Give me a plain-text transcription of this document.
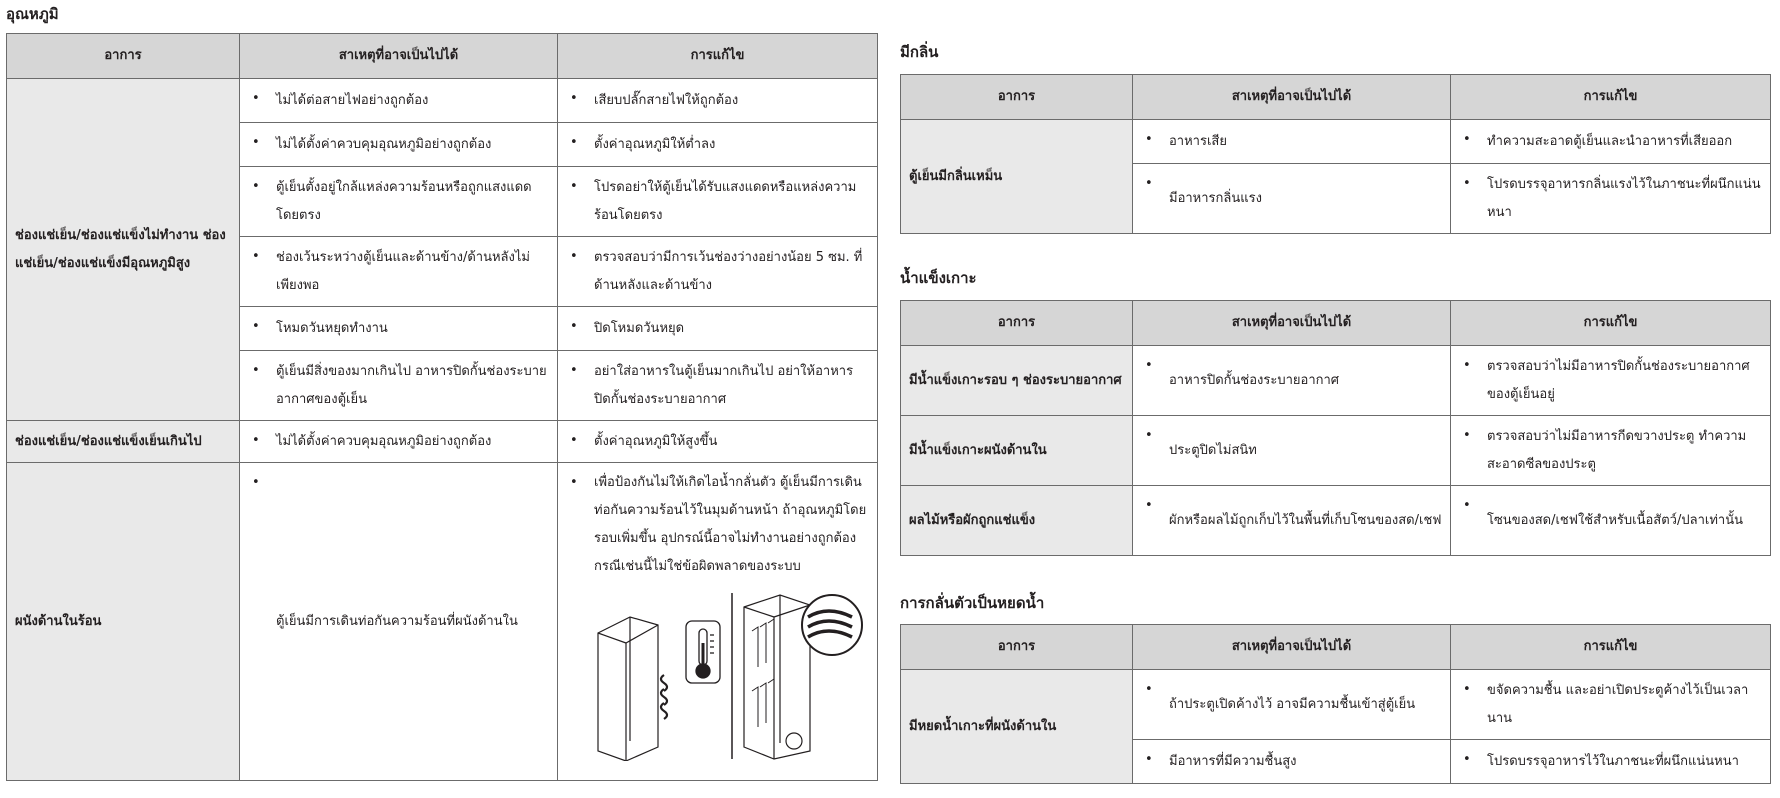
อุณหภูมิ
อาการ	สาเหตุที่อาจเป็นไปได้	การแก้ไข
ช่องแช่เย็น/ช่องแช่แข็งไม่ทำงาน ช่องแช่เย็น/ช่องแช่แข็งมีอุณหภูมิสูง	• ไม่ได้ต่อสายไฟอย่างถูกต้อง	• เสียบปลั๊กสายไฟให้ถูกต้อง
	• ไม่ได้ตั้งค่าควบคุมอุณหภูมิอย่างถูกต้อง	• ตั้งค่าอุณหภูมิให้ต่ำลง
	• ตู้เย็นตั้งอยู่ใกล้แหล่งความร้อนหรือถูกแสงแดดโดยตรง	• โปรดอย่าให้ตู้เย็นได้รับแสงแดดหรือแหล่งความร้อนโดยตรง
	• ช่องเว้นระหว่างตู้เย็นและด้านข้าง/ด้านหลังไม่เพียงพอ	• ตรวจสอบว่ามีการเว้นช่องว่างอย่างน้อย 5 ซม. ที่ด้านหลังและด้านข้าง
	• โหมดวันหยุดทำงาน	• ปิดโหมดวันหยุด
	• ตู้เย็นมีสิ่งของมากเกินไป อาหารปิดกั้นช่องระบายอากาศของตู้เย็น	• อย่าใส่อาหารในตู้เย็นมากเกินไป อย่าให้อาหารปิดกั้นช่องระบายอากาศ
ช่องแช่เย็น/ช่องแช่แข็งเย็นเกินไป	• ไม่ได้ตั้งค่าควบคุมอุณหภูมิอย่างถูกต้อง	• ตั้งค่าอุณหภูมิให้สูงขึ้น
ผนังด้านในร้อน	• ตู้เย็นมีการเดินท่อกันความร้อนที่ผนังด้านใน	• เพื่อป้องกันไม่ให้เกิดไอน้ำกลั่นตัว ตู้เย็นมีการเดินท่อกันความร้อนไว้ในมุมด้านหน้า ถ้าอุณหภูมิโดยรอบเพิ่มขึ้น อุปกรณ์นี้อาจไม่ทำงานอย่างถูกต้อง กรณีเช่นนี้ไม่ใช่ข้อผิดพลาดของระบบ
มีกลิ่น
อาการ	สาเหตุที่อาจเป็นไปได้	การแก้ไข
ตู้เย็นมีกลิ่นเหม็น	• อาหารเสีย	• ทำความสะอาดตู้เย็นและนำอาหารที่เสียออก
	• มีอาหารกลิ่นแรง	• โปรดบรรจุอาหารกลิ่นแรงไว้ในภาชนะที่ผนึกแน่นหนา
น้ำแข็งเกาะ
อาการ	สาเหตุที่อาจเป็นไปได้	การแก้ไข
มีน้ำแข็งเกาะรอบ ๆ ช่องระบายอากาศ	• อาหารปิดกั้นช่องระบายอากาศ	• ตรวจสอบว่าไม่มีอาหารปิดกั้นช่องระบายอากาศของตู้เย็นอยู่
มีน้ำแข็งเกาะผนังด้านใน	• ประตูปิดไม่สนิท	• ตรวจสอบว่าไม่มีอาหารกีดขวางประตู ทำความสะอาดซีลของประตู
ผลไม้หรือผักถูกแช่แข็ง	• ผักหรือผลไม้ถูกเก็บไว้ในพื้นที่เก็บโซนของสด/เชฟ	• โซนของสด/เชฟใช้สำหรับเนื้อสัตว์/ปลาเท่านั้น
การกลั่นตัวเป็นหยดน้ำ
อาการ	สาเหตุที่อาจเป็นไปได้	การแก้ไข
มีหยดน้ำเกาะที่ผนังด้านใน	• ถ้าประตูเปิดค้างไว้ อาจมีความชื้นเข้าสู่ตู้เย็น	• ขจัดความชื้น และอย่าเปิดประตูค้างไว้เป็นเวลานาน
	• มีอาหารที่มีความชื้นสูง	• โปรดบรรจุอาหารไว้ในภาชนะที่ผนึกแน่นหนา
